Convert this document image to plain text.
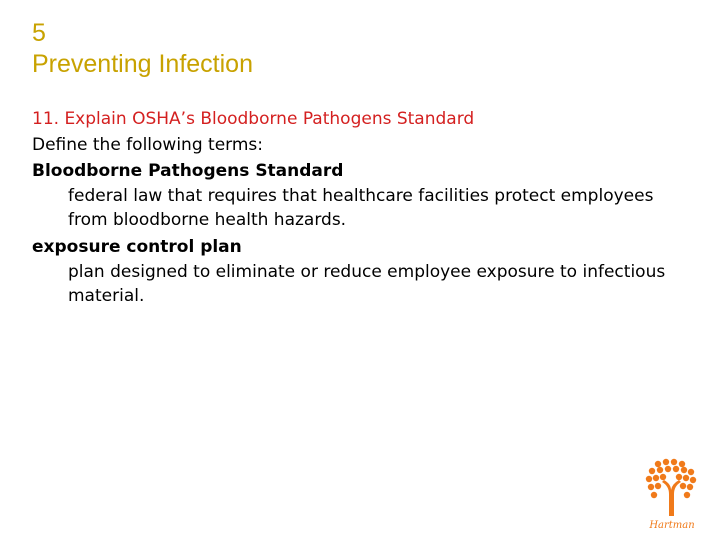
5
Preventing Infection
11. Explain OSHA’s Bloodborne Pathogens Standard
Define the following terms:
Bloodborne Pathogens Standard
federal law that requires that healthcare facilities protect employees from bloodborne health hazards.
exposure control plan
plan designed to eliminate or reduce employee exposure to infectious material.
Hartman
